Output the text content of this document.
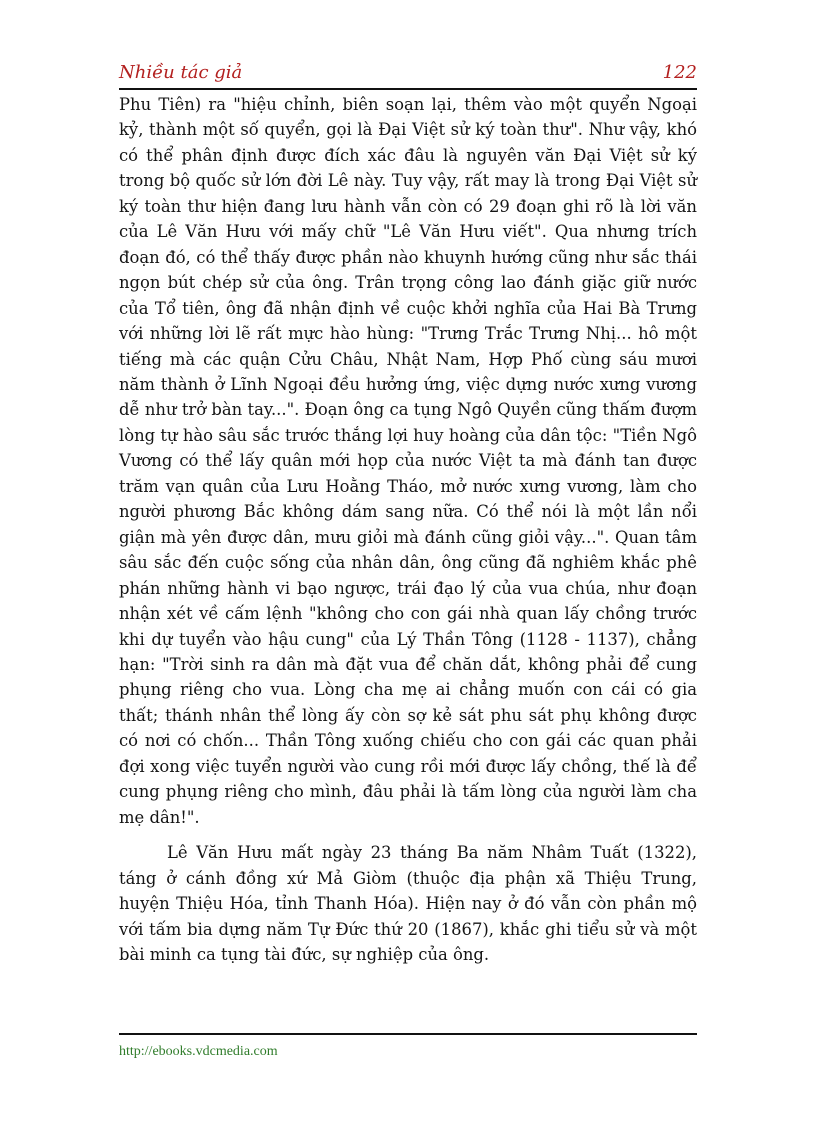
Nhiều tác giả	122

Phu Tiên) ra "hiệu chỉnh, biên soạn lại, thêm vào một quyển Ngoại kỷ, thành một số quyển, gọi là Đại Việt sử ký toàn thư". Như vậy, khó có thể phân định được đích xác đâu là nguyên văn Đại Việt sử ký trong bộ quốc sử lớn đời Lê này. Tuy vậy, rất may là trong Đại Việt sử ký toàn thư hiện đang lưu hành vẫn còn có 29 đoạn ghi rõ là lời văn của Lê Văn Hưu với mấy chữ "Lê Văn Hưu viết". Qua nhưng trích đoạn đó, có thể thấy được phần nào khuynh hướng cũng như sắc thái ngọn bút chép sử của ông. Trân trọng công lao đánh giặc giữ nước của Tổ tiên, ông đã nhận định về cuộc khởi nghĩa của Hai Bà Trưng với những lời lẽ rất mực hào hùng: "Trưng Trắc Trưng Nhị... hô một tiếng mà các quận Cửu Châu, Nhật Nam, Hợp Phố cùng sáu mươi năm thành ở Lĩnh Ngoại đều hưởng ứng, việc dựng nước xưng vương dễ như trở bàn tay...". Đoạn ông ca tụng Ngô Quyền cũng thấm đượm lòng tự hào sâu sắc trước thắng lợi huy hoàng của dân tộc: "Tiền Ngô Vương có thể lấy quân mới họp của nước Việt ta mà đánh tan được trăm vạn quân của Lưu Hoằng Tháo, mở nước xưng vương, làm cho người phương Bắc không dám sang nữa. Có thể nói là một lần nổi giận mà yên được dân, mưu giỏi mà đánh cũng giỏi vậy...". Quan tâm sâu sắc đến cuộc sống của nhân dân, ông cũng đã nghiêm khắc phê phán những hành vi bạo ngược, trái đạo lý của vua chúa, như đoạn nhận xét về cấm lệnh "không cho con gái nhà quan lấy chồng trước khi dự tuyển vào hậu cung" của Lý Thần Tông (1128 - 1137), chẳng hạn: "Trời sinh ra dân mà đặt vua để chăn dắt, không phải để cung phụng riêng cho vua. Lòng cha mẹ ai chẳng muốn con cái có gia thất; thánh nhân thể lòng ấy còn sợ kẻ sát phu sát phụ không được có nơi có chốn... Thần Tông xuống chiếu cho con gái các quan phải đợi xong việc tuyển người vào cung rồi mới được lấy chồng, thế là để cung phụng riêng cho mình, đâu phải là tấm lòng của người làm cha mẹ dân!".

Lê Văn Hưu mất ngày 23 tháng Ba năm Nhâm Tuất (1322), táng ở cánh đồng xứ Mả Giòm (thuộc địa phận xã Thiệu Trung, huyện Thiệu Hóa, tỉnh Thanh Hóa). Hiện nay ở đó vẫn còn phần mộ với tấm bia dựng năm Tự Đức thứ 20 (1867), khắc ghi tiểu sử và một bài minh ca tụng tài đức, sự nghiệp của ông.

http://ebooks.vdcmedia.com
